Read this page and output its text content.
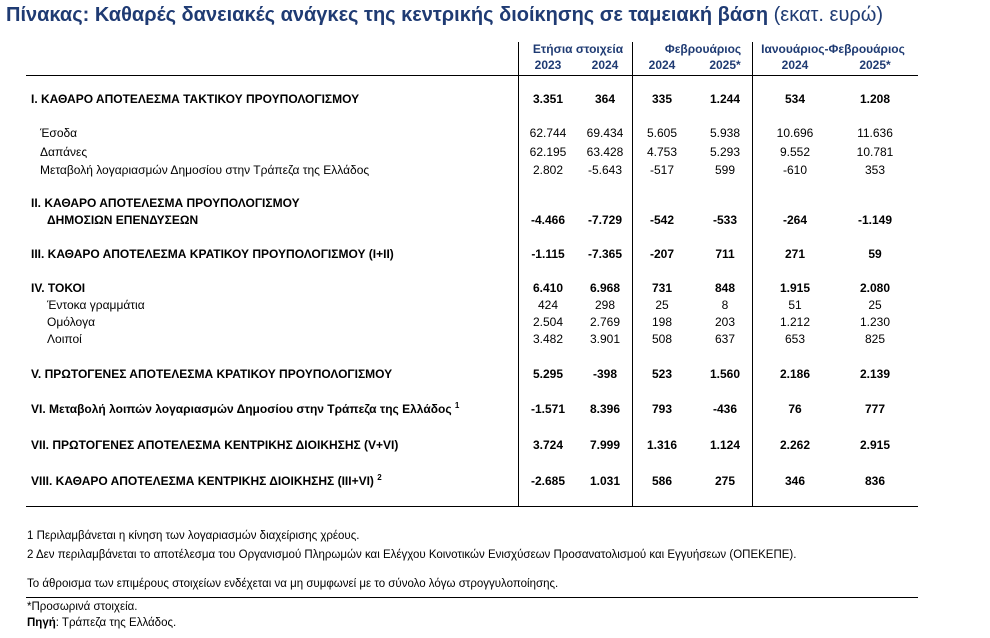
Πίνακας: Καθαρές δανειακές ανάγκες της κεντρικής διοίκησης σε ταμειακή βάση (εκατ. ευρώ)
Ετήσια στοιχεία	Φεβρουάριος	Ιανουάριος-Φεβρουάριος
2023	2024	2024	2025*	2024	2025*
I. ΚΑΘΑΡΟ ΑΠΟΤΕΛΕΣΜΑ ΤΑΚΤΙΚΟΥ ΠΡΟΥΠΟΛΟΓΙΣΜΟΥ	3.351	364	335	1.244	534	1.208
Έσοδα	62.744	69.434	5.605	5.938	10.696	11.636
Δαπάνες	62.195	63.428	4.753	5.293	9.552	10.781
Μεταβολή λογαριασμών Δημοσίου στην Τράπεζα της Ελλάδος	2.802	-5.643	-517	599	-610	353
II. ΚΑΘΑΡΟ ΑΠΟΤΕΛΕΣΜΑ ΠΡΟΥΠΟΛΟΓΙΣΜΟΥ
ΔΗΜΟΣΙΩΝ ΕΠΕΝΔΥΣΕΩΝ	-4.466	-7.729	-542	-533	-264	-1.149
III. ΚΑΘΑΡΟ ΑΠΟΤΕΛΕΣΜΑ ΚΡΑΤΙΚΟΥ ΠΡΟΥΠΟΛΟΓΙΣΜΟΥ (I+II)	-1.115	-7.365	-207	711	271	59
IV. ΤΟΚΟΙ	6.410	6.968	731	848	1.915	2.080
Έντοκα γραμμάτια	424	298	25	8	51	25
Ομόλογα	2.504	2.769	198	203	1.212	1.230
Λοιποί	3.482	3.901	508	637	653	825
V. ΠΡΩΤΟΓΕΝΕΣ ΑΠΟΤΕΛΕΣΜΑ ΚΡΑΤΙΚΟΥ ΠΡΟΥΠΟΛΟΓΙΣΜΟΥ	5.295	-398	523	1.560	2.186	2.139
VI. Μεταβολή λοιπών λογαριασμών Δημοσίου στην Τράπεζα της Ελλάδος $^1$	-1.571	8.396	793	-436	76	777
VII. ΠΡΩΤΟΓΕΝΕΣ ΑΠΟΤΕΛΕΣΜΑ ΚΕΝΤΡΙΚΗΣ ΔΙΟΙΚΗΣΗΣ (V+VI)	3.724	7.999	1.316	1.124	2.262	2.915
VIII. ΚΑΘΑΡΟ ΑΠΟΤΕΛΕΣΜΑ ΚΕΝΤΡΙΚΗΣ ΔΙΟΙΚΗΣΗΣ (III+VI) $^2$	-2.685	1.031	586	275	346	836
1 Περιλαμβάνεται η κίνηση των λογαριασμών διαχείρισης χρέους.
2 Δεν περιλαμβάνεται το αποτέλεσμα του Οργανισμού Πληρωμών και Ελέγχου Κοινοτικών Ενισχύσεων Προσανατολισμού και Εγγυήσεων (ΟΠΕΚΕΠΕ).
Το άθροισμα των επιμέρους στοιχείων ενδέχεται να μη συμφωνεί με το σύνολο λόγω στρογγυλοποίησης.
*Προσωρινά στοιχεία.
Πηγή: Τράπεζα της Ελλάδος.
